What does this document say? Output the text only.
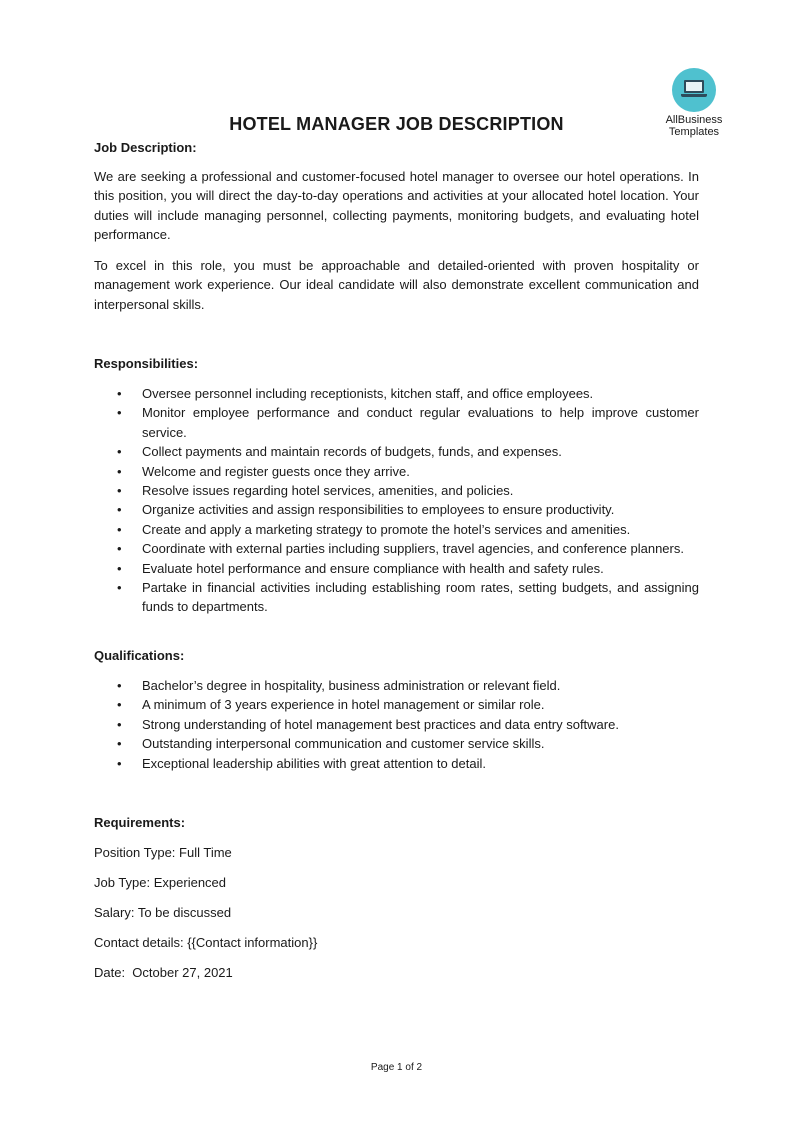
AllBusiness
Templates
HOTEL MANAGER JOB DESCRIPTION
Job Description:

We are seeking a professional and customer-focused hotel manager to oversee our hotel operations. In this position, you will direct the day-to-day operations and activities at your allocated hotel location. Your duties will include managing personnel, collecting payments, monitoring budgets, and evaluating hotel performance.

To excel in this role, you must be approachable and detailed-oriented with proven hospitality or management work experience. Our ideal candidate will also demonstrate excellent communication and interpersonal skills.

Responsibilities:
• Oversee personnel including receptionists, kitchen staff, and office employees.
• Monitor employee performance and conduct regular evaluations to help improve customer service.
• Collect payments and maintain records of budgets, funds, and expenses.
• Welcome and register guests once they arrive.
• Resolve issues regarding hotel services, amenities, and policies.
• Organize activities and assign responsibilities to employees to ensure productivity.
• Create and apply a marketing strategy to promote the hotel’s services and amenities.
• Coordinate with external parties including suppliers, travel agencies, and conference planners.
• Evaluate hotel performance and ensure compliance with health and safety rules.
• Partake in financial activities including establishing room rates, setting budgets, and assigning funds to departments.
Qualifications:
• Bachelor’s degree in hospitality, business administration or relevant field.
• A minimum of 3 years experience in hotel management or similar role.
• Strong understanding of hotel management best practices and data entry software.
• Outstanding interpersonal communication and customer service skills.
• Exceptional leadership abilities with great attention to detail.
Requirements:

Position Type: Full Time

Job Type: Experienced

Salary: To be discussed

Contact details: {{Contact information}}

Date:  October 27, 2021

Page 1 of 2
